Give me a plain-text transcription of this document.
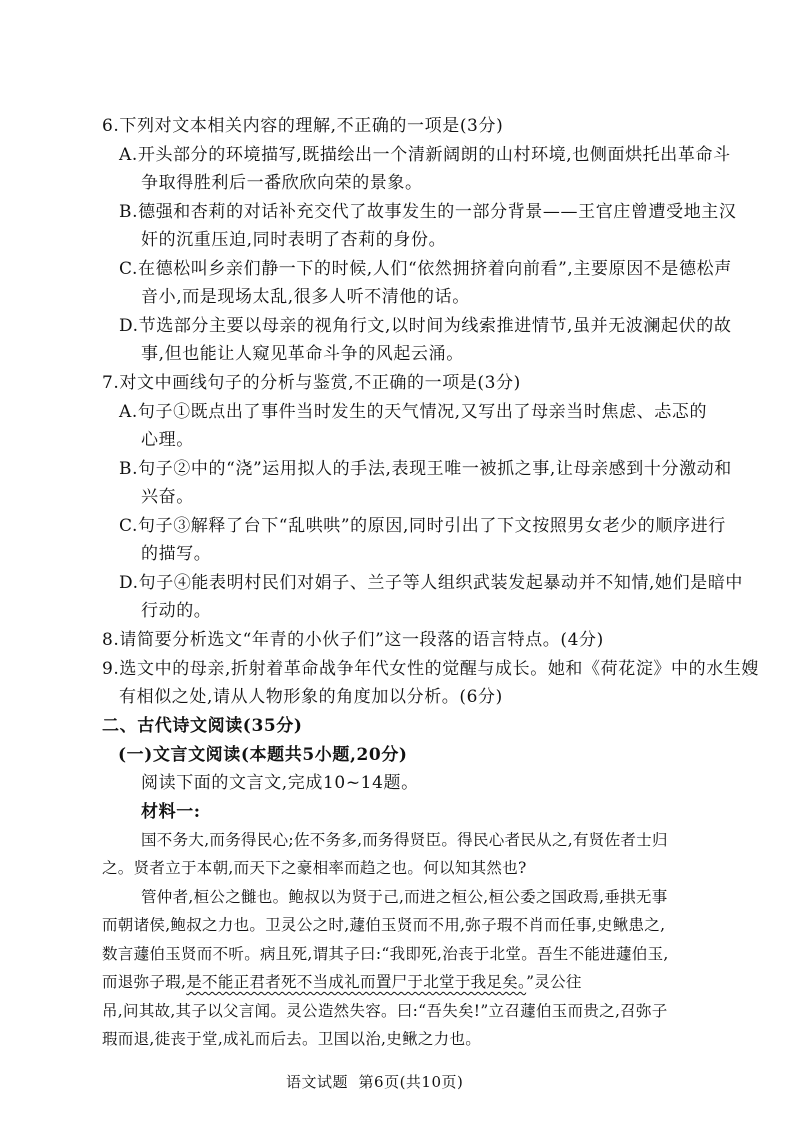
6.下列对文本相关内容的理解,不正确的一项是(3分)
A.开头部分的环境描写,既描绘出一个清新阔朗的山村环境,也侧面烘托出革命斗
争取得胜利后一番欣欣向荣的景象。
B.德强和杏莉的对话补充交代了故事发生的一部分背景——王官庄曾遭受地主汉
奸的沉重压迫,同时表明了杏莉的身份。
C.在德松叫乡亲们静一下的时候,人们“依然拥挤着向前看”,主要原因不是德松声
音小,而是现场太乱,很多人听不清他的话。
D.节选部分主要以母亲的视角行文,以时间为线索推进情节,虽并无波澜起伏的故
事,但也能让人窥见革命斗争的风起云涌。
7.对文中画线句子的分析与鉴赏,不正确的一项是(3分)
A.句子①既点出了事件当时发生的天气情况,又写出了母亲当时焦虑、忐忑的
心理。
B.句子②中的“浇”运用拟人的手法,表现王唯一被抓之事,让母亲感到十分激动和
兴奋。
C.句子③解释了台下“乱哄哄”的原因,同时引出了下文按照男女老少的顺序进行
的描写。
D.句子④能表明村民们对娟子、兰子等人组织武装发起暴动并不知情,她们是暗中
行动的。
8.请简要分析选文“年青的小伙子们”这一段落的语言特点。(4分)
9.选文中的母亲,折射着革命战争年代女性的觉醒与成长。她和《荷花淀》中的水生嫂
有相似之处,请从人物形象的角度加以分析。(6分)
二、古代诗文阅读(35分)
(一)文言文阅读(本题共5小题,20分)
阅读下面的文言文,完成10~14题。
材料一:
国不务大,而务得民心;佐不务多,而务得贤臣。得民心者民从之,有贤佐者士归
之。贤者立于本朝,而天下之豪相率而趋之也。何以知其然也?
管仲者,桓公之雠也。鲍叔以为贤于己,而进之桓公,桓公委之国政焉,垂拱无事
而朝诸侯,鲍叔之力也。卫灵公之时,蘧伯玉贤而不用,弥子瑕不肖而任事,史鳅患之,
数言蘧伯玉贤而不听。病且死,谓其子曰:“我即死,治丧于北堂。吾生不能进蘧伯玉,
而退弥子瑕,是不能正君者死不当成礼而置尸于北堂于我足矣。”灵公往
吊,问其故,其子以父言闻。灵公造然失容。曰:“吾失矣!”立召蘧伯玉而贵之,召弥子
瑕而退,徙丧于堂,成礼而后去。卫国以治,史鳅之力也。
语文试题  第6页(共10页)
